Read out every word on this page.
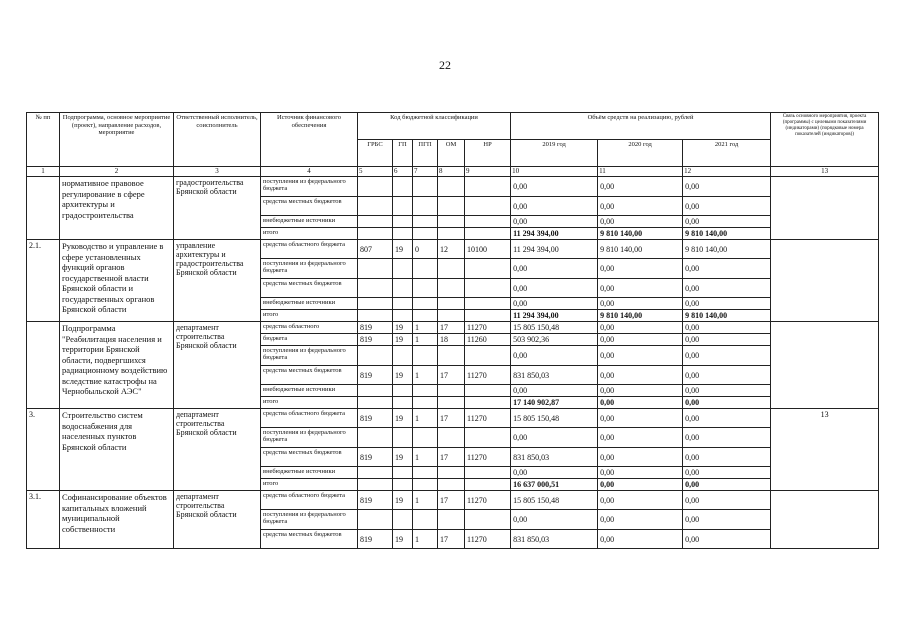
22
№ пп	Подпрограмма, основное мероприятие (проект), направление расходов, мероприятие	Ответственный исполнитель, соисполнитель	Источник финансового обеспечения	Код бюджетной классификации					Объём средств на реализацию, рублей			Связь основного мероприятия, проекта (программы) с целевыми показателями (индикаторами) (порядковые номера показателей (индикаторов))
				ГРБС	ГП	ПГП	ОМ	НР	2019 год	2020 год	2021 год	
1	2	3	4	5	6	7	8	9	10	11	12	13
	нормативное правовое регулирование в сфере архитектуры и градостроительства	градостроительства Брянской области	поступления из федерального бюджета						0,00	0,00	0,00	
			средства местных бюджетов						0,00	0,00	0,00	
			внебюджетные источники						0,00	0,00	0,00	
			итого						11 294 394,00	9 810 140,00	9 810 140,00	
2.1.	Руководство и управление в сфере установленных функций органов государственной власти Брянской области и государственных органов Брянской области	управление архитектуры и градостроительства Брянской области	средства областного бюджета	807	19	0	12	10100	11 294 394,00	9 810 140,00	9 810 140,00	
			поступления из федерального бюджета						0,00	0,00	0,00	
			средства местных бюджетов						0,00	0,00	0,00	
			внебюджетные источники						0,00	0,00	0,00	
			итого						11 294 394,00	9 810 140,00	9 810 140,00	
	Подпрограмма "Реабилитация населения и территории Брянской области, подвергшихся радиационному воздействию вследствие катастрофы на Чернобыльской АЭС"	департамент строительства Брянской области	средства областного	819	19	1	17	11270	15 805 150,48	0,00	0,00	
			бюджета	819	19	1	18	11260	503 902,36	0,00	0,00	
			поступления из федерального бюджета						0,00	0,00	0,00	
			средства местных бюджетов	819	19	1	17	11270	831 850,03	0,00	0,00	
			внебюджетные источники						0,00	0,00	0,00	
			итого						17 140 902,87	0,00	0,00	
3.	Строительство систем водоснабжения для населенных пунктов Брянской области	департамент строительства Брянской области	средства областного бюджета	819	19	1	17	11270	15 805 150,48	0,00	0,00	13
			поступления из федерального бюджета						0,00	0,00	0,00	
			средства местных бюджетов	819	19	1	17	11270	831 850,03	0,00	0,00	
			внебюджетные источники						0,00	0,00	0,00	
			итого						16 637 000,51	0,00	0,00	
3.1.	Софинансирование объектов капитальных вложений муниципальной собственности	департамент строительства Брянской области	средства областного бюджета	819	19	1	17	11270	15 805 150,48	0,00	0,00	
			поступления из федерального бюджета						0,00	0,00	0,00	
			средства местных бюджетов	819	19	1	17	11270	831 850,03	0,00	0,00	
